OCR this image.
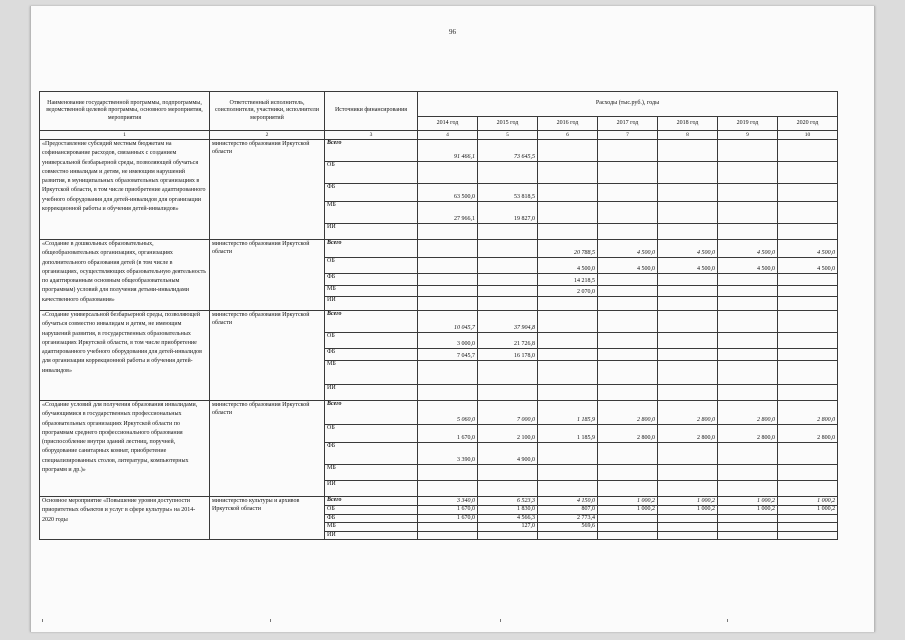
96
Наименование государственной программы, подпрограммы, ведомственной целевой программы, основного мероприятия, мероприятия	Ответственный исполнитель, соисполнители, участники, исполнители мероприятий	Источники финансирования	Расходы (тыс.руб.), годы						
			2014 год	2015 год	2016 год	2017 год	2018 год	2019 год	2020 год
1	2	3	4	5	6	7	8	9	10
«Предоставление субсидий местным бюджетам на софинансирование расходов, связанных с созданием универсальной безбарьерной среды, позволяющей обучаться совместно инвалидам и детям, не имеющим нарушений развития, в муниципальных образовательных организациях в Иркутской области, в том числе приобретение адаптированного учебного оборудования для детей-инвалидов для организации коррекционной работы и обучения детей-инвалидов»	министерство образования Иркутской области	Всего	91 466,1	73 645,5					
		ОБ							
		ФБ	63 500,0	53 818,5					
		МБ	27 966,1	19 827,0					
		ИИ							
«Создание в дошкольных образовательных, общеобразовательных организациях, организациях дополнительного образования детей (в том числе в организациях, осуществляющих образовательную деятельность по адаптированным основным общеобразовательным программам) условий для получения детьми-инвалидами качественного образования»	министерство образования Иркутской области	Всего			20 788,5	4 500,0	4 500,0	4 500,0	4 500,0
		ОБ			4 500,0	4 500,0	4 500,0	4 500,0	4 500,0
		ФБ			14 218,5				
		МБ			2 070,0				
		ИИ							
«Создание универсальной безбарьерной среды, позволяющей обучаться совместно инвалидам и детям, не имеющим нарушений развития, в государственных образовательных организациях Иркутской области, в том числе приобретение адаптированного учебного оборудования для детей-инвалидов для организации коррекционной работы и обучения детей-инвалидов»	министерство образования Иркутской области	Всего	10 045,7	37 904,8					
		ОБ	3 000,0	21 726,8					
		ФБ	7 045,7	16 178,0					
		МБ							
		ИИ							
«Создание условий для получения образования инвалидами, обучающимися в государственных профессиональных образовательных организациях Иркутской области по программам среднего профессионального образования (приспособление внутри зданий лестниц, поручней, оборудование санитарных комнат, приобретение специализированных столов, литературы, компьютерных программ и др.)»	министерство образования Иркутской области	Всего	5 060,0	7 000,0	1 185,9	2 800,0	2 800,0	2 800,0	2 800,0
		ОБ	1 670,0	2 100,0	1 185,9	2 800,0	2 800,0	2 800,0	2 800,0
		ФБ	3 390,0	4 900,0					
		МБ							
		ИИ							
Основное мероприятие «Повышение уровня доступности приоритетных объектов и услуг в сфере культуры» на 2014-2020 годы	министерство культуры и архивов Иркутской области	Всего	3 340,0	6 523,3	4 150,0	1 000,2	1 000,2	1 000,2	1 000,2
		ОБ	1 670,0	1 830,0	807,0	1 000,2	1 000,2	1 000,2	1 000,2
		ФБ	1 670,0	4 566,3	2 773,4				
		МБ		127,0	569,6				
		ИИ							
